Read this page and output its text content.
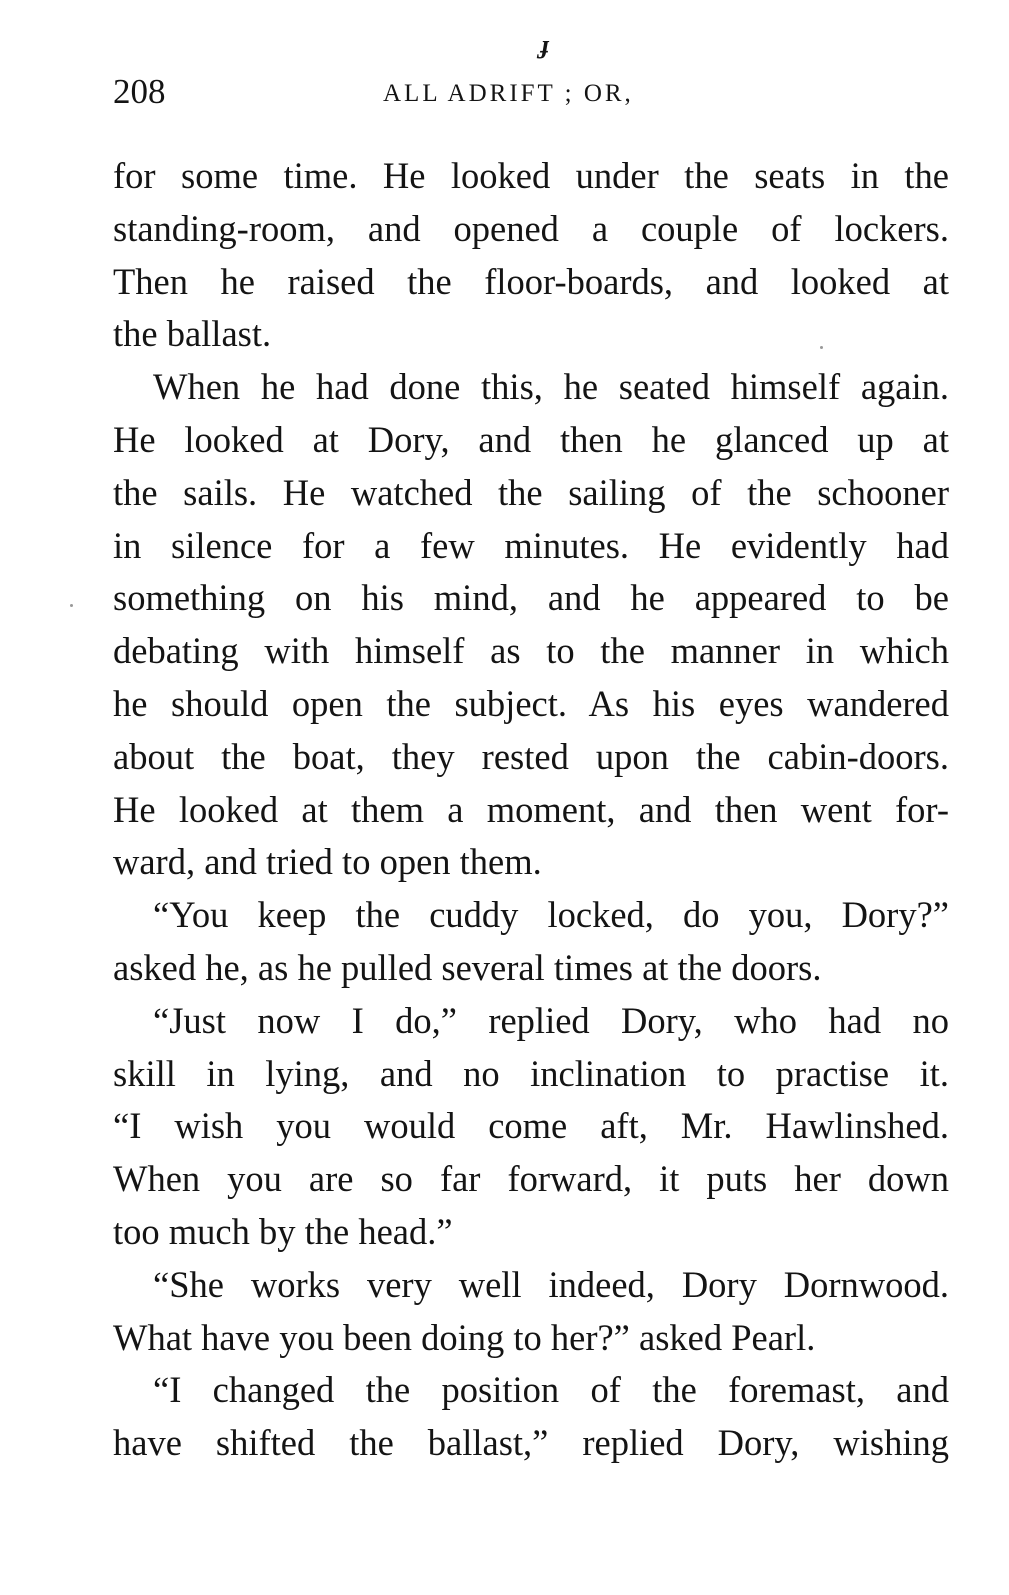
ɟ
208	ALL ADRIFT ; OR,
for some time. He looked under the seats in the
standing-room, and opened a couple of lockers.
Then he raised the floor-boards, and looked at
the ballast.
When he had done this, he seated himself again.
He looked at Dory, and then he glanced up at
the sails. He watched the sailing of the schooner
in silence for a few minutes. He evidently had
something on his mind, and he appeared to be
debating with himself as to the manner in which
he should open the subject. As his eyes wandered
about the boat, they rested upon the cabin-doors.
He looked at them a moment, and then went for-
ward, and tried to open them.
“You keep the cuddy locked, do you, Dory?”
asked he, as he pulled several times at the doors.
“Just now I do,” replied Dory, who had no
skill in lying, and no inclination to practise it.
“I wish you would come aft, Mr. Hawlinshed.
When you are so far forward, it puts her down
too much by the head.”
“She works very well indeed, Dory Dornwood.
What have you been doing to her?” asked Pearl.
“I changed the position of the foremast, and
have shifted the ballast,” replied Dory, wishing
